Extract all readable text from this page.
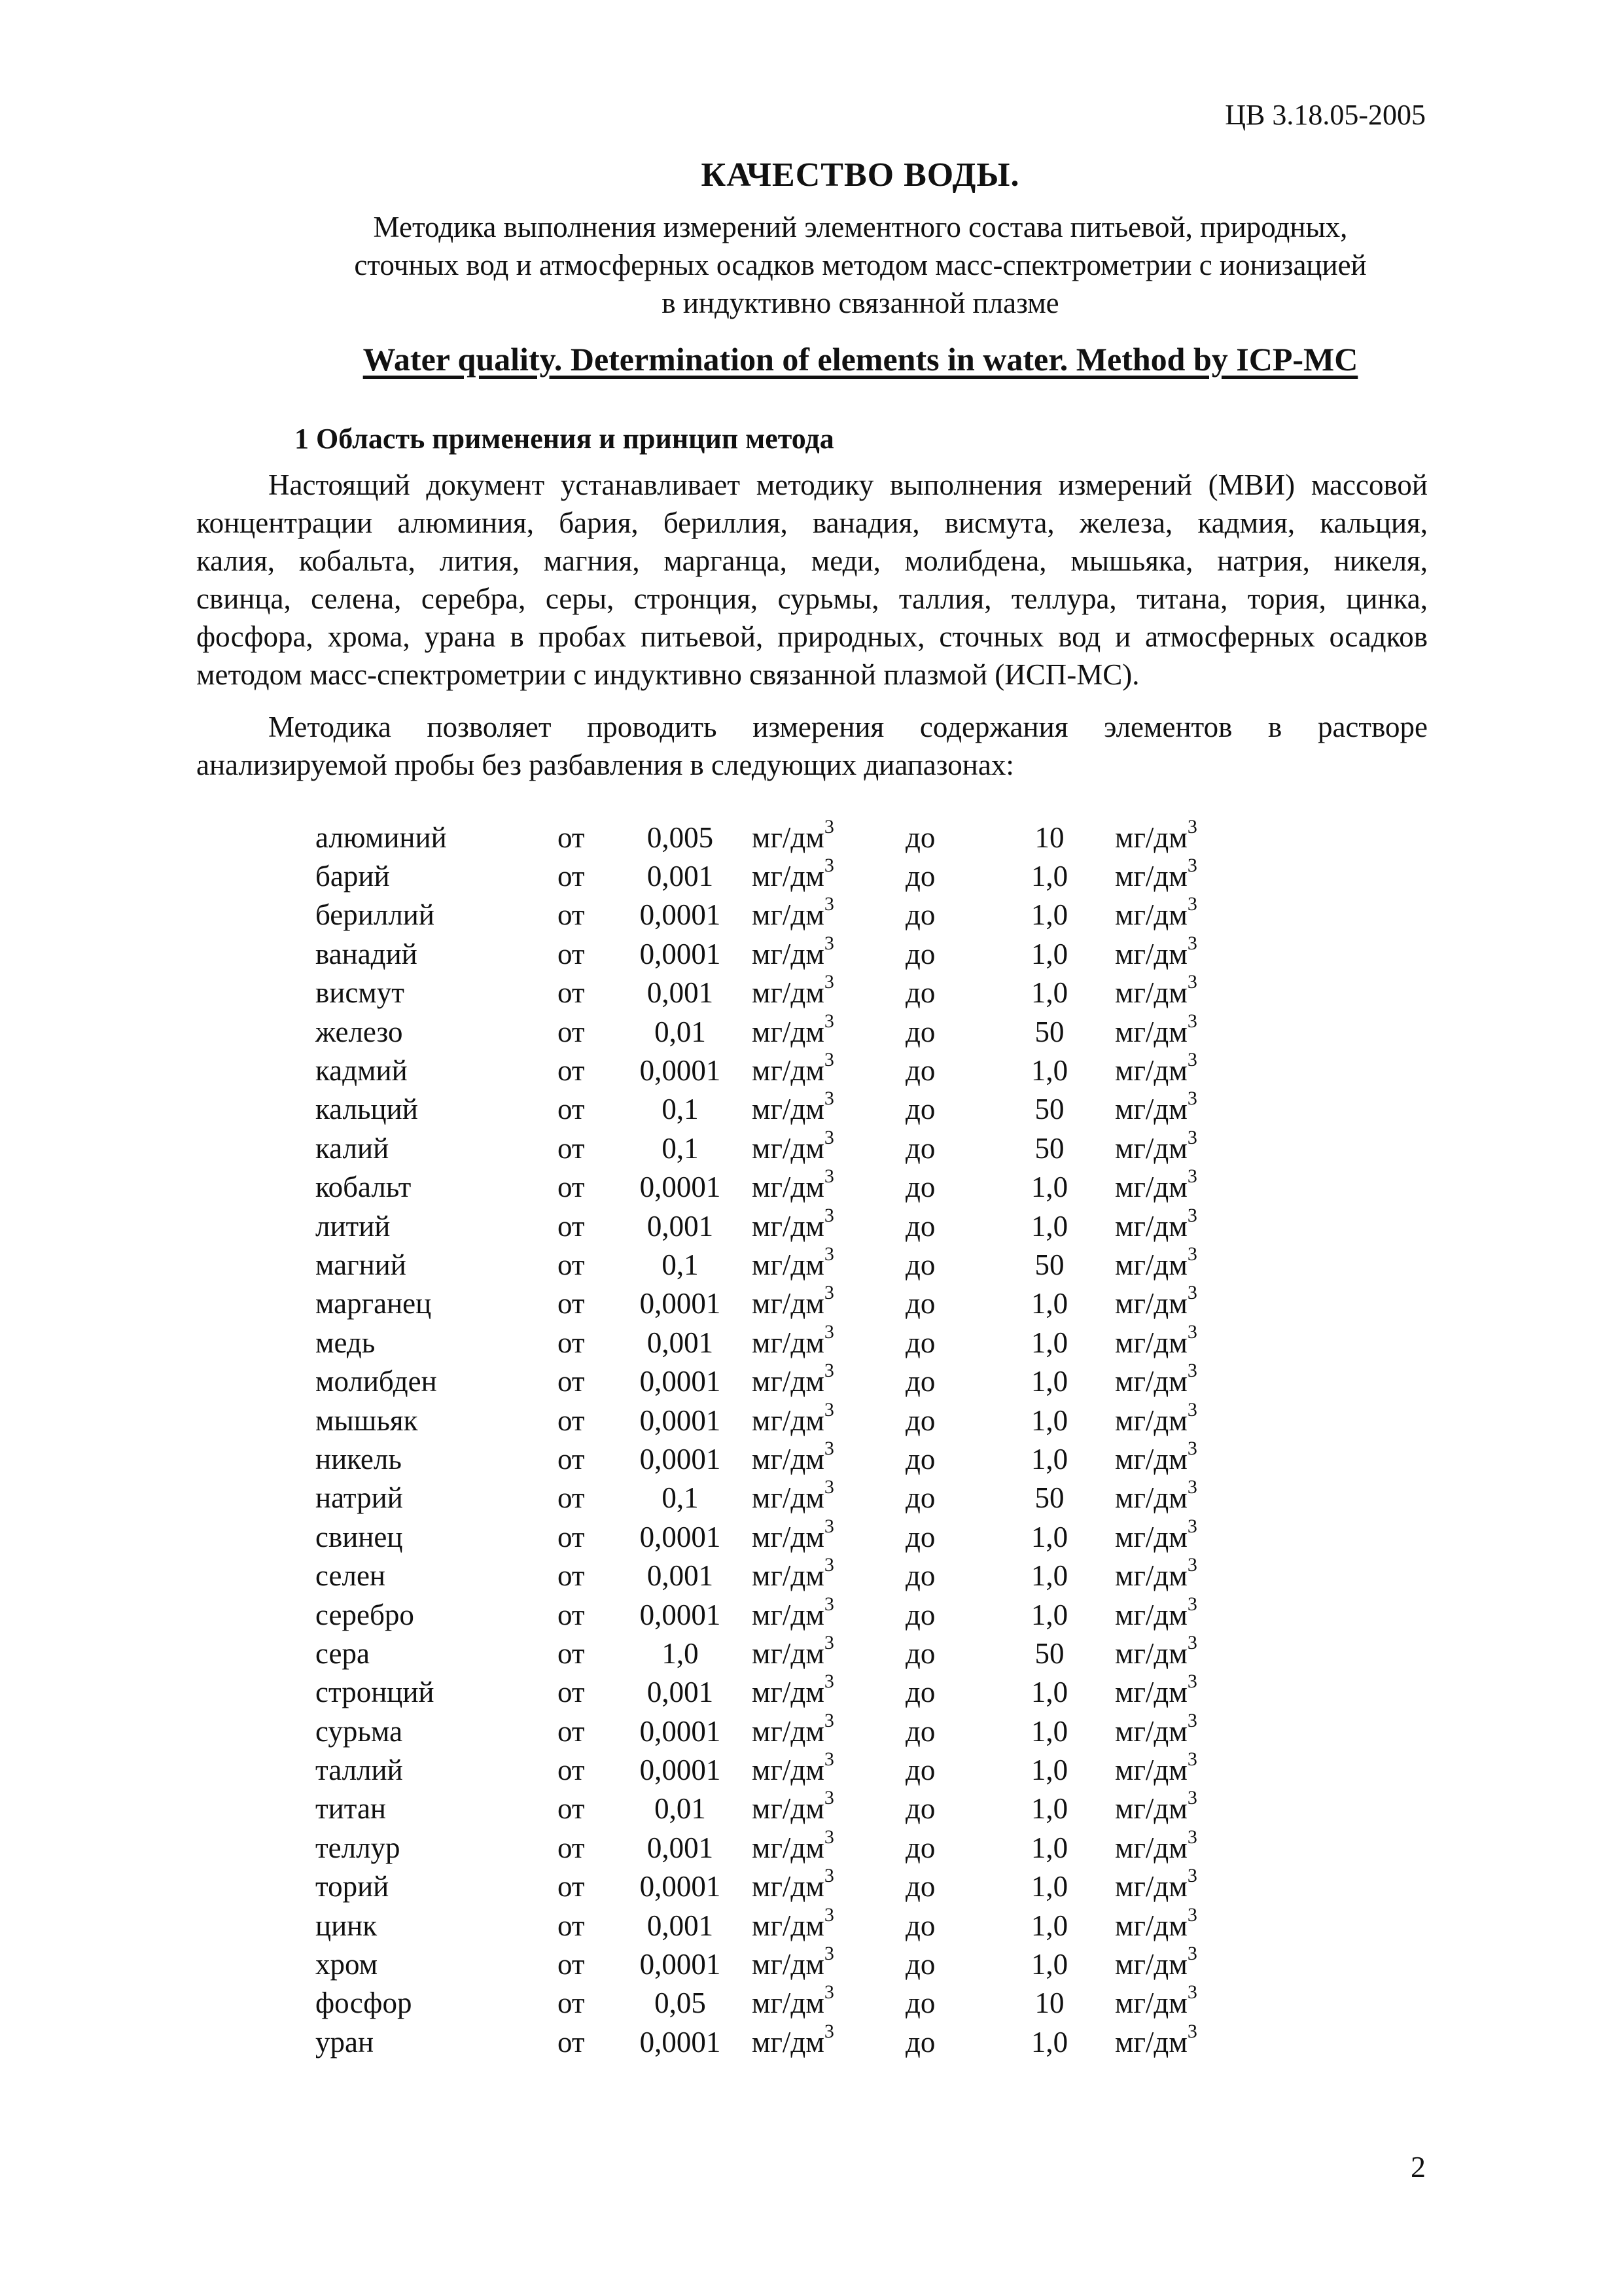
ЦВ 3.18.05-2005
КАЧЕСТВО ВОДЫ.
Методика выполнения измерений элементного состава питьевой, природных,
сточных вод и атмосферных осадков методом масс-спектрометрии с ионизацией
в индуктивно связанной плазме
Water quality. Determination of elements in water. Method by ICP-MC
1 Область применения и принцип метода
Настоящий документ устанавливает методику выполнения измерений (МВИ) массовой
концентрации алюминия, бария, бериллия, ванадия, висмута, железа, кадмия, кальция,
калия, кобальта, лития, магния, марганца, меди, молибдена, мышьяка, натрия, никеля,
свинца, селена, серебра, серы, стронция, сурьмы, таллия, теллура, титана, тория, цинка,
фосфора, хрома, урана в пробах питьевой, природных, сточных вод и атмосферных осадков
методом масс-спектрометрии с индуктивно связанной плазмой (ИСП-МС).
Методика позволяет проводить измерения содержания элементов в растворе
анализируемой пробы без разбавления в следующих диапазонах:
алюминий	от	0,005	$мг/дм^3$	до	10	$мг/дм^3$
барий	от	0,001	$мг/дм^3$	до	1,0	$мг/дм^3$
бериллий	от	0,0001	$мг/дм^3$	до	1,0	$мг/дм^3$
ванадий	от	0,0001	$мг/дм^3$	до	1,0	$мг/дм^3$
висмут	от	0,001	$мг/дм^3$	до	1,0	$мг/дм^3$
железо	от	0,01	$мг/дм^3$	до	50	$мг/дм^3$
кадмий	от	0,0001	$мг/дм^3$	до	1,0	$мг/дм^3$
кальций	от	0,1	$мг/дм^3$	до	50	$мг/дм^3$
калий	от	0,1	$мг/дм^3$	до	50	$мг/дм^3$
кобальт	от	0,0001	$мг/дм^3$	до	1,0	$мг/дм^3$
литий	от	0,001	$мг/дм^3$	до	1,0	$мг/дм^3$
магний	от	0,1	$мг/дм^3$	до	50	$мг/дм^3$
марганец	от	0,0001	$мг/дм^3$	до	1,0	$мг/дм^3$
медь	от	0,001	$мг/дм^3$	до	1,0	$мг/дм^3$
молибден	от	0,0001	$мг/дм^3$	до	1,0	$мг/дм^3$
мышьяк	от	0,0001	$мг/дм^3$	до	1,0	$мг/дм^3$
никель	от	0,0001	$мг/дм^3$	до	1,0	$мг/дм^3$
натрий	от	0,1	$мг/дм^3$	до	50	$мг/дм^3$
свинец	от	0,0001	$мг/дм^3$	до	1,0	$мг/дм^3$
селен	от	0,001	$мг/дм^3$	до	1,0	$мг/дм^3$
серебро	от	0,0001	$мг/дм^3$	до	1,0	$мг/дм^3$
сера	от	1,0	$мг/дм^3$	до	50	$мг/дм^3$
стронций	от	0,001	$мг/дм^3$	до	1,0	$мг/дм^3$
сурьма	от	0,0001	$мг/дм^3$	до	1,0	$мг/дм^3$
таллий	от	0,0001	$мг/дм^3$	до	1,0	$мг/дм^3$
титан	от	0,01	$мг/дм^3$	до	1,0	$мг/дм^3$
теллур	от	0,001	$мг/дм^3$	до	1,0	$мг/дм^3$
торий	от	0,0001	$мг/дм^3$	до	1,0	$мг/дм^3$
цинк	от	0,001	$мг/дм^3$	до	1,0	$мг/дм^3$
хром	от	0,0001	$мг/дм^3$	до	1,0	$мг/дм^3$
фосфор	от	0,05	$мг/дм^3$	до	10	$мг/дм^3$
уран	от	0,0001	$мг/дм^3$	до	1,0	$мг/дм^3$
2
